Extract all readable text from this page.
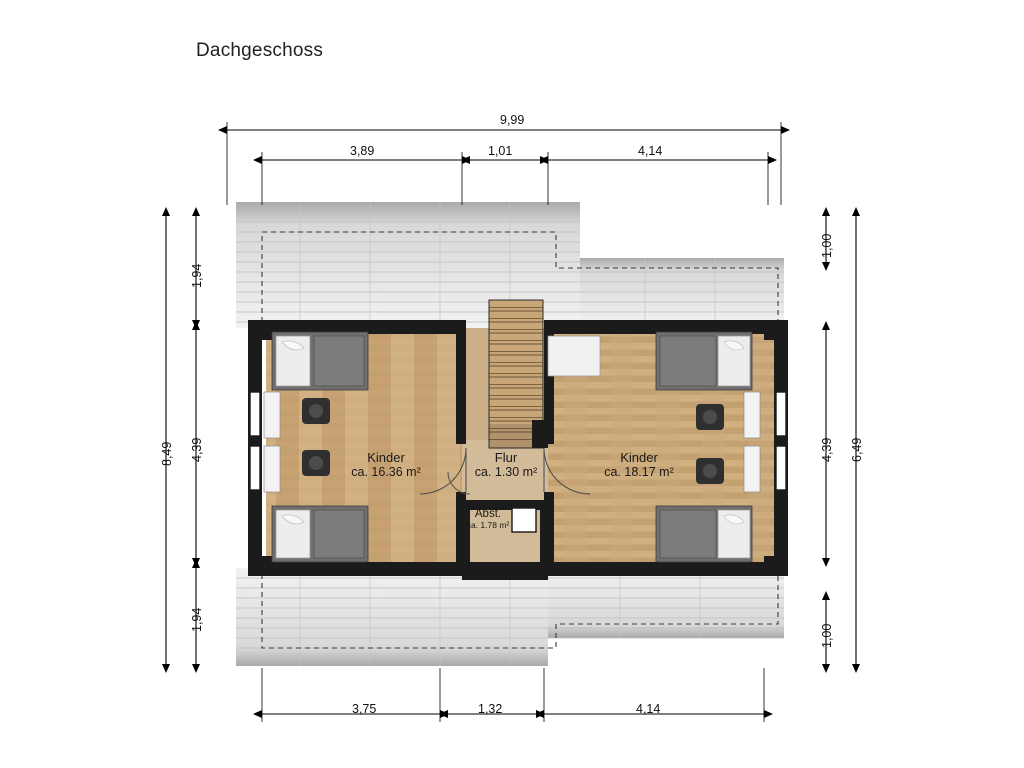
Dachgeschoss
9,99
3,89	1,01	4,14
3,75	1,32	4,14
8,49
1,94
4,39
1,94
6,49
1,00
4,39
1,00
Kinder
ca. 16.36 m²
Flur
ca. 1.30 m²
Kinder
ca. 18.17 m²
Abst.
ca. 1.78 m²
